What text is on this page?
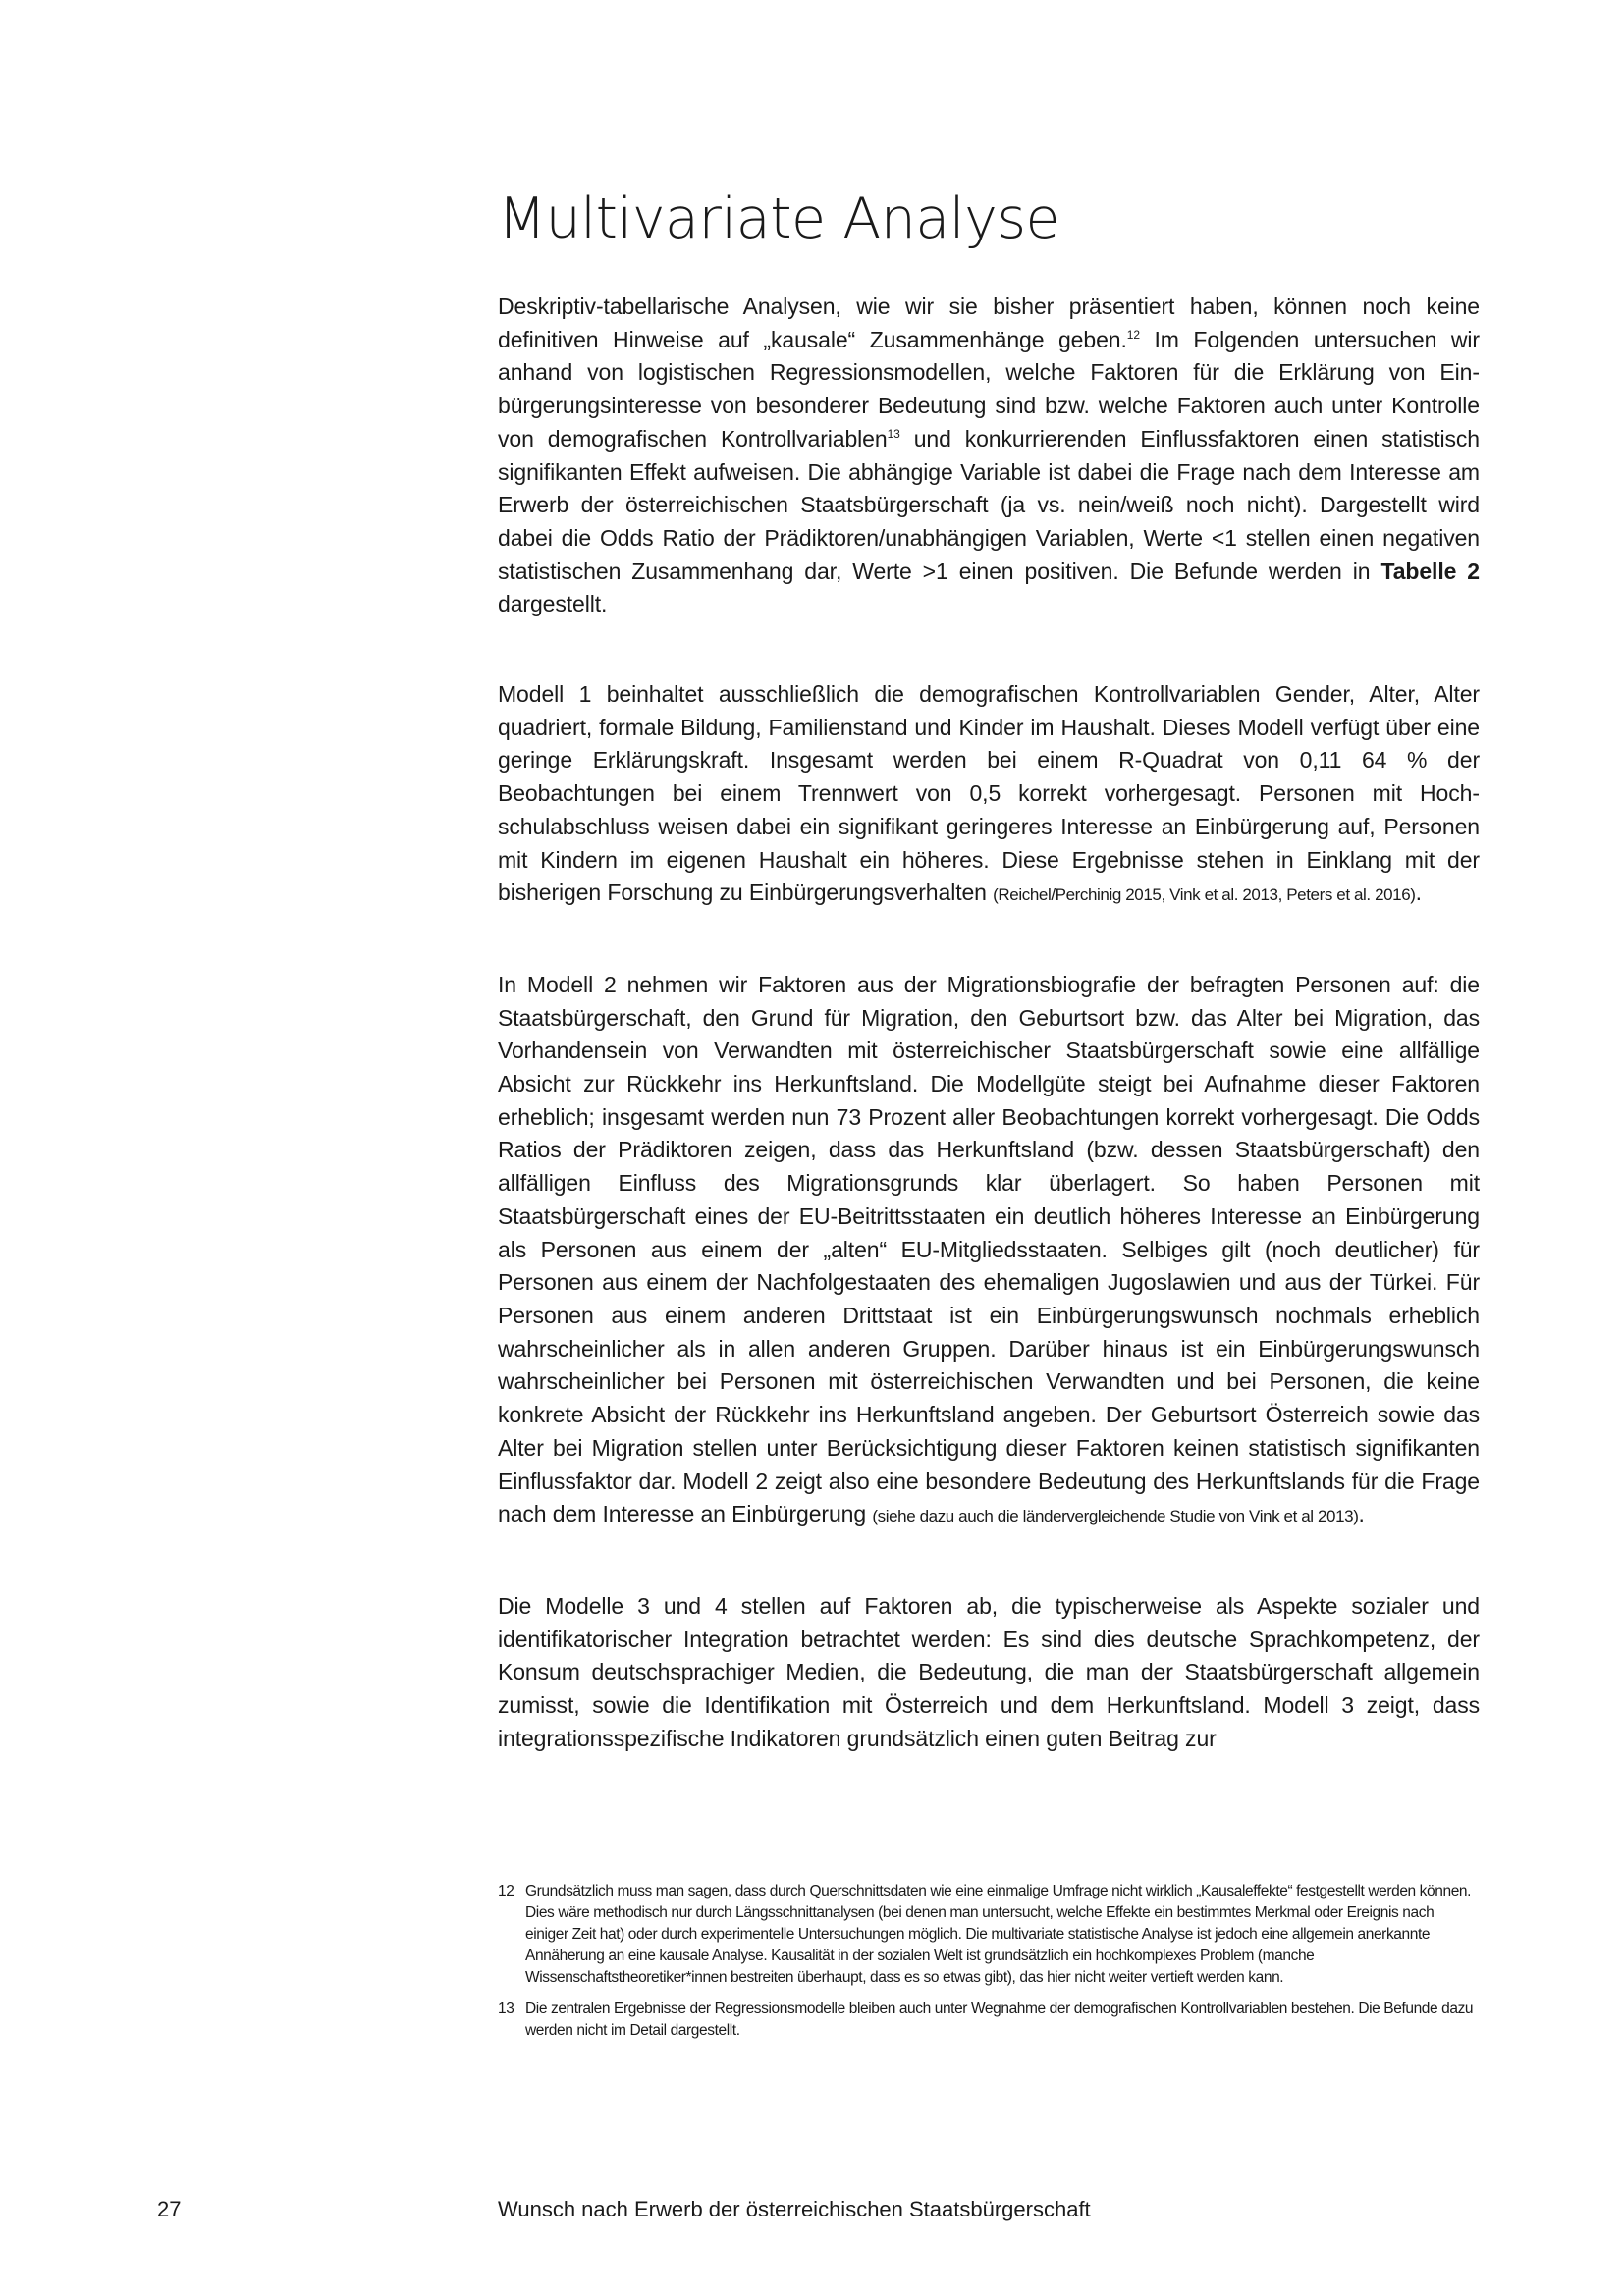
Multivariate Analyse

Deskriptiv-tabellarische Analysen, wie wir sie bisher präsentiert haben, können noch keine definitiven Hinweise auf „kausale“ Zusammenhänge geben.$^{12}$ Im Folgenden untersuchen wir anhand von logistischen Regressionsmodellen, welche Faktoren für die Erklärung von Einbürgerungsinteresse von besonderer Bedeutung sind bzw. welche Faktoren auch unter Kontrolle von demografischen Kontrollvariablen$^{13}$ und konkurrierenden Einflussfaktoren einen statistisch signifikanten Effekt aufweisen. Die abhängige Variable ist dabei die Frage nach dem Interesse am Erwerb der österreichischen Staatsbürgerschaft (ja vs. nein/weiß noch nicht). Dargestellt wird dabei die Odds Ratio der Prädiktoren/unabhängigen Variablen, Werte <1 stellen einen negativen statistischen Zusammenhang dar, Werte >1 einen positiven. Die Befunde werden in Tabelle 2 dargestellt.

Modell 1 beinhaltet ausschließlich die demografischen Kontrollvariablen Gender, Alter, Alter quadriert, formale Bildung, Familienstand und Kinder im Haushalt. Dieses Modell verfügt über eine geringe Erklärungskraft. Insgesamt werden bei einem R-Quadrat von 0,11 64 % der Beobachtungen bei einem Trennwert von 0,5 korrekt vorhergesagt. Personen mit Hochschulabschluss weisen dabei ein signifikant geringeres Interesse an Einbürgerung auf, Personen mit Kindern im eigenen Haushalt ein höheres. Diese Ergebnisse stehen in Einklang mit der bisherigen Forschung zu Einbürgerungsverhalten (Reichel/Perchinig 2015, Vink et al. 2013, Peters et al. 2016).

In Modell 2 nehmen wir Faktoren aus der Migrationsbiografie der befragten Personen auf: die Staatsbürgerschaft, den Grund für Migration, den Geburtsort bzw. das Alter bei Migration, das Vorhandensein von Verwandten mit österreichischer Staatsbürgerschaft sowie eine allfällige Absicht zur Rückkehr ins Herkunftsland. Die Modellgüte steigt bei Aufnahme dieser Faktoren erheblich; insgesamt werden nun 73 Prozent aller Beobachtungen korrekt vorhergesagt. Die Odds Ratios der Prädiktoren zeigen, dass das Herkunftsland (bzw. dessen Staatsbürgerschaft) den allfälligen Einfluss des Migrationsgrunds klar überlagert. So haben Personen mit Staatsbürgerschaft eines der EU-Beitrittsstaaten ein deutlich höheres Interesse an Einbürgerung als Personen aus einem der „alten“ EU-Mitgliedsstaaten. Selbiges gilt (noch deutlicher) für Personen aus einem der Nachfolgestaaten des ehemaligen Jugoslawien und aus der Türkei. Für Personen aus einem anderen Drittstaat ist ein Einbürgerungswunsch nochmals erheblich wahrscheinlicher als in allen anderen Gruppen. Darüber hinaus ist ein Einbürgerungswunsch wahrscheinlicher bei Personen mit österreichischen Verwandten und bei Personen, die keine konkrete Absicht der Rückkehr ins Herkunftsland angeben. Der Geburtsort Österreich sowie das Alter bei Migration stellen unter Berücksichtigung dieser Faktoren keinen statistisch signifikanten Einflussfaktor dar. Modell 2 zeigt also eine besondere Bedeutung des Herkunftslands für die Frage nach dem Interesse an Einbürgerung (siehe dazu auch die ländervergleichende Studie von Vink et al 2013).

Die Modelle 3 und 4 stellen auf Faktoren ab, die typischerweise als Aspekte sozialer und identifikatorischer Integration betrachtet werden: Es sind dies deutsche Sprachkompetenz, der Konsum deutschsprachiger Medien, die Bedeutung, die man der Staatsbürgerschaft allgemein zumisst, sowie die Identifikation mit Österreich und dem Herkunftsland. Modell 3 zeigt, dass integrationsspezifische Indikatoren grundsätzlich einen guten Beitrag zur

12 Grundsätzlich muss man sagen, dass durch Querschnittsdaten wie eine einmalige Umfrage nicht wirklich „Kausaleffekte“ festgestellt werden können. Dies wäre methodisch nur durch Längsschnittanalysen (bei denen man untersucht, welche Effekte ein bestimmtes Merkmal oder Ereignis nach einiger Zeit hat) oder durch experimentelle Untersuchungen möglich. Die multivariate statistische Analyse ist jedoch eine allgemein anerkannte Annäherung an eine kausale Analyse. Kausalität in der sozialen Welt ist grundsätzlich ein hochkomplexes Problem (manche Wissenschaftstheoretiker*innen bestreiten überhaupt, dass es so etwas gibt), das hier nicht weiter vertieft werden kann.
13 Die zentralen Ergebnisse der Regressionsmodelle bleiben auch unter Wegnahme der demografischen Kontrollvariablen bestehen. Die Befunde dazu werden nicht im Detail dargestellt.
27	Wunsch nach Erwerb der österreichischen Staatsbürgerschaft
